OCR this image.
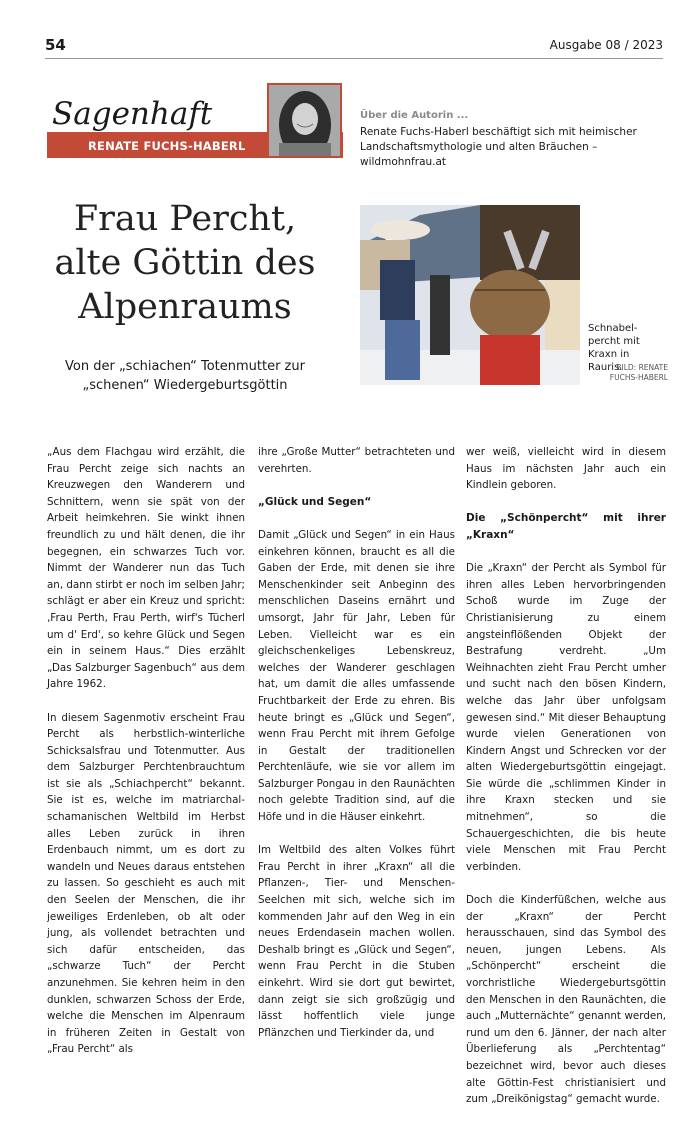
54	Ausgabe 08 / 2023
Sagenhaft
RENATE FUCHS-HABERL
Über die Autorin ...
Renate Fuchs-Haberl beschäftigt sich mit heimischer Landschaftsmythologie und alten Bräuchen – wildmohnfrau.at
Frau Percht, alte Göttin des Alpenraums
Von der „schiachen“ Totenmutter zur „schenen“ Wiedergeburtsgöttin
Schnabel-percht mit Kraxn in Rauris.
BILD: RENATE FUCHS-HABERL

„Aus dem Flachgau wird erzählt, die Frau Percht zeige sich nachts an Kreuzwegen den Wanderern und Schnittern, wenn sie spät von der Arbeit heimkehren. Sie winkt ihnen freundlich zu und hält denen, die ihr begegnen, ein schwarzes Tuch vor. Nimmt der Wanderer nun das Tuch an, dann stirbt er noch im selben Jahr; schlägt er aber ein Kreuz und spricht: ‚Frau Perth, Frau Perth, wirf's Tücherl um d' Erd', so kehre Glück und Segen ein in seinem Haus.“ Dies erzählt „Das Salzburger Sagenbuch“ aus dem Jahre 1962.

In diesem Sagenmotiv erscheint Frau Percht als herbstlich-winterliche Schicksalsfrau und Totenmutter. Aus dem Salzburger Perchtenbrauchtum ist sie als „Schiachpercht“ bekannt. Sie ist es, welche im matriarchal-schamanischen Weltbild im Herbst alles Leben zurück in ihren Erdenbauch nimmt, um es dort zu wandeln und Neues daraus entstehen zu lassen. So geschieht es auch mit den Seelen der Menschen, die ihr jeweiliges Erdenleben, ob alt oder jung, als vollendet betrachten und sich dafür entscheiden, das „schwarze Tuch“ der Percht anzunehmen. Sie kehren heim in den dunklen, schwarzen Schoss der Erde, welche die Menschen im Alpenraum in früheren Zeiten in Gestalt von „Frau Percht“ als

ihre „Große Mutter“ betrachteten und verehrten.

„Glück und Segen“

Damit „Glück und Segen“ in ein Haus einkehren können, braucht es all die Gaben der Erde, mit denen sie ihre Menschenkinder seit Anbeginn des menschlichen Daseins ernährt und umsorgt, Jahr für Jahr, Leben für Leben. Vielleicht war es ein gleichschenkeliges Lebenskreuz, welches der Wanderer geschlagen hat, um damit die alles umfassende Fruchtbarkeit der Erde zu ehren. Bis heute bringt es „Glück und Segen“, wenn Frau Percht mit ihrem Gefolge in Gestalt der traditionellen Perchtenläufe, wie sie vor allem im Salzburger Pongau in den Raunächten noch gelebte Tradition sind, auf die Höfe und in die Häuser einkehrt.

Im Weltbild des alten Volkes führt Frau Percht in ihrer „Kraxn“ all die Pflanzen-, Tier- und Menschen-Seelchen mit sich, welche sich im kommenden Jahr auf den Weg in ein neues Erdendasein machen wollen. Deshalb bringt es „Glück und Segen“, wenn Frau Percht in die Stuben einkehrt. Wird sie dort gut bewirtet, dann zeigt sie sich großzügig und lässt hoffentlich viele junge Pflänzchen und Tierkinder da, und

wer weiß, vielleicht wird in diesem Haus im nächsten Jahr auch ein Kindlein geboren.

Die „Schönpercht“ mit ihrer „Kraxn“

Die „Kraxn“ der Percht als Symbol für ihren alles Leben hervorbringenden Schoß wurde im Zuge der Christianisierung zu einem angsteinflößenden Objekt der Bestrafung verdreht. „Um Weihnachten zieht Frau Percht umher und sucht nach den bösen Kindern, welche das Jahr über unfolgsam gewesen sind.“ Mit dieser Behauptung wurde vielen Generationen von Kindern Angst und Schrecken vor der alten Wiedergeburtsgöttin eingejagt. Sie würde die „schlimmen Kinder in ihre Kraxn stecken und sie mitnehmen“, so die Schauergeschichten, die bis heute viele Menschen mit Frau Percht verbinden.

Doch die Kinderfüßchen, welche aus der „Kraxn“ der Percht herausschauen, sind das Symbol des neuen, jungen Lebens. Als „Schönpercht“ erscheint die vorchristliche Wiedergeburtsgöttin den Menschen in den Raunächten, die auch „Mutternächte“ genannt werden, rund um den 6. Jänner, der nach alter Überlieferung als „Perchtentag“ bezeichnet wird, bevor auch dieses alte Göttin-Fest christianisiert und zum „Dreikönigstag“ gemacht wurde.
